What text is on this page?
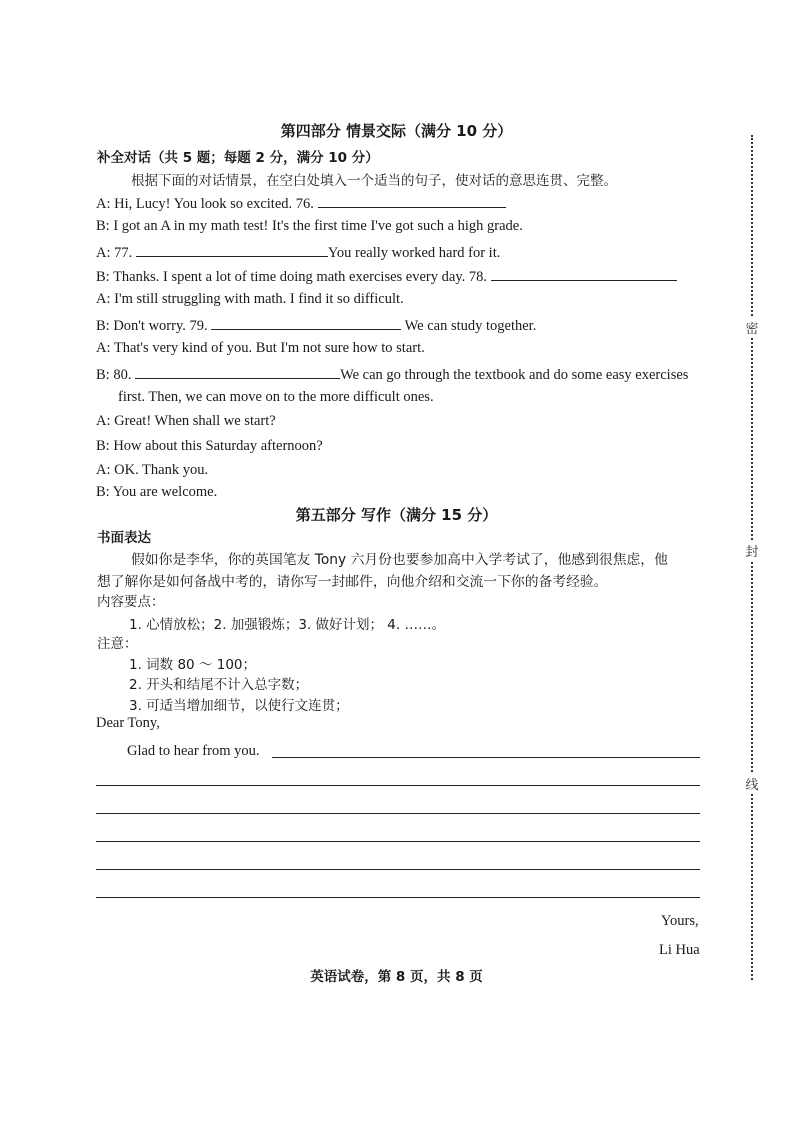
密
封
线
第四部分 情景交际（满分 10 分）
补全对话（共 5 题；每题 2 分，满分 10 分）
根据下面的对话情景，在空白处填入一个适当的句子，使对话的意思连贯、完整。
A: Hi, Lucy! You look so excited. 76.
B: I got an A in my math test! It's the first time I've got such a high grade.
A: 77.	You really worked hard for it.
B: Thanks. I spent a lot of time doing math exercises every day. 78.
A: I'm still struggling with math. I find it so difficult.
B: Don't worry. 79.	We can study together.
A: That's very kind of you. But I'm not sure how to start.
B: 80.	We can go through the textbook and do some easy exercises
first. Then, we can move on to the more difficult ones.
A: Great! When shall we start?
B: How about this Saturday afternoon?
A: OK. Thank you.
B: You are welcome.
第五部分 写作（满分 15 分）
书面表达
假如你是李华，你的英国笔友 Tony 六月份也要参加高中入学考试了，他感到很焦虑，他
想了解你是如何备战中考的，请你写一封邮件，向他介绍和交流一下你的备考经验。
内容要点：
1. 心情放松；2. 加强锻炼；3. 做好计划； 4. ……。
注意：
1. 词数 80 ～ 100；
2. 开头和结尾不计入总字数；
3. 可适当增加细节，以使行文连贯；
Dear Tony,
Glad to hear from you.
Yours,
Li Hua
英语试卷，第 8 页，共 8 页
